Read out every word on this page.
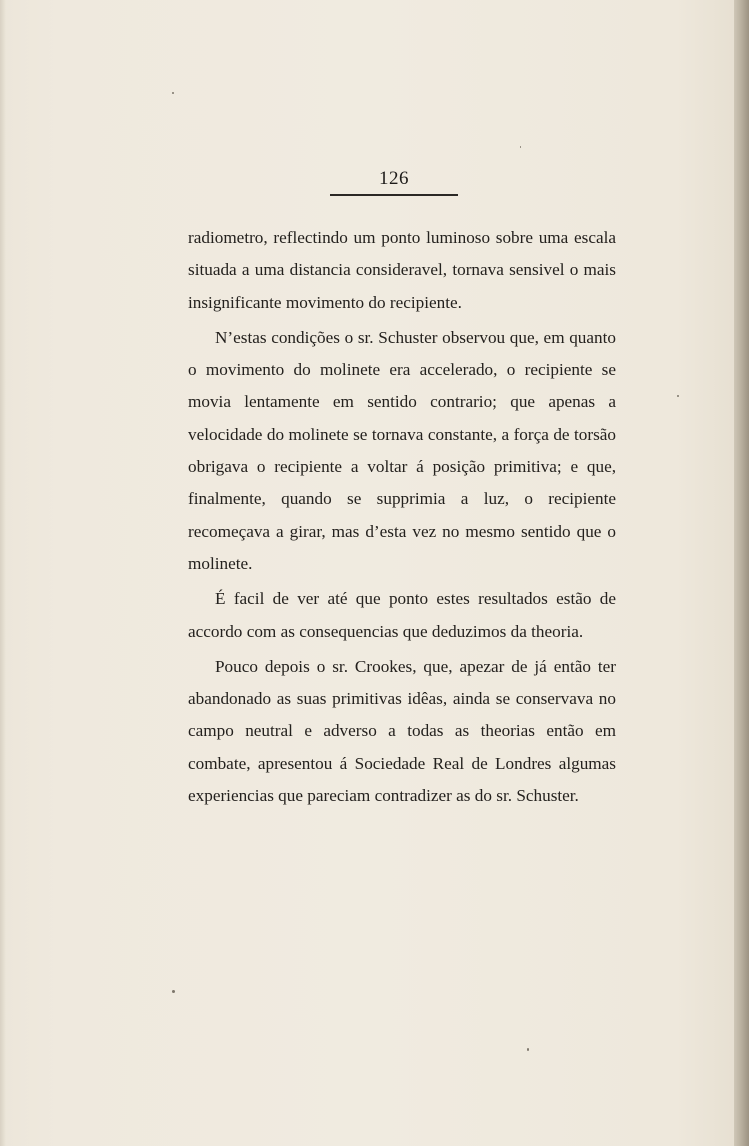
126

radiometro, reflectindo um ponto luminoso sobre uma escala situada a uma distancia consideravel, tornava sensivel o mais insignificante movimento do recipiente.

N’estas condições o sr. Schuster observou que, em quanto o movimento do molinete era accelerado, o recipiente se movia lentamente em sentido contrario; que apenas a velocidade do molinete se tornava constante, a força de torsão obrigava o recipiente a voltar á posição primitiva; e que, finalmente, quando se supprimia a luz, o recipiente recomeçava a girar, mas d’esta vez no mesmo sentido que o molinete.

É facil de ver até que ponto estes resultados estão de accordo com as consequencias que deduzimos da theoria.

Pouco depois o sr. Crookes, que, apezar de já então ter abandonado as suas primitivas idêas, ainda se conservava no campo neutral e adverso a todas as theorias então em combate, apresentou á Sociedade Real de Londres algumas experiencias que pareciam contradizer as do sr. Schuster.
